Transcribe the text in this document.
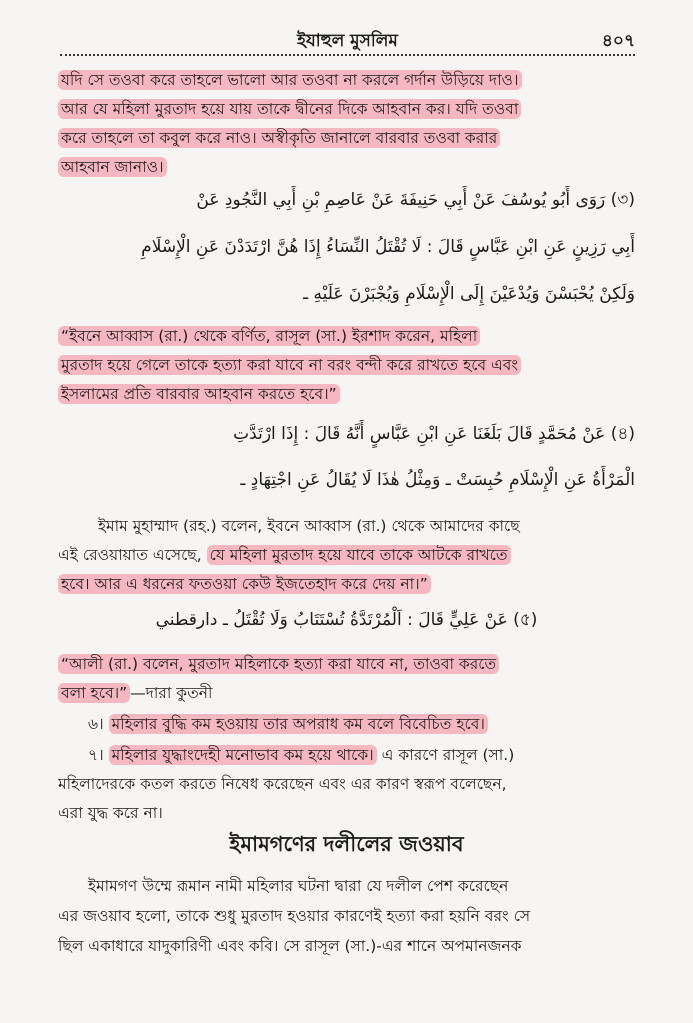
ইযাহুল মুসলিম	৪০৭
যদি সে তওবা করে তাহলে ভালো আর তওবা না করলে গর্দান উড়িয়ে দাও।
আর যে মহিলা মুরতাদ হয়ে যায় তাকে দ্বীনের দিকে আহবান কর। যদি তওবা
করে তাহলে তা কবুল করে নাও। অস্বীকৃতি জানালে বারবার তওবা করার
আহবান জানাও।
(৩) رَوَى أَبُو يُوسُفَ عَنْ أَبِي حَنِيفَةَ عَنْ عَاصِمِ بْنِ أَبِي النَّجُودِ عَنْ
أَبِي رَزِينٍ عَنِ ابْنِ عَبَّاسٍ قَالَ : لَا تُقْتَلُ النِّسَاءُ إِذَا هُنَّ ارْتَدَدْنَ عَنِ الْإِسْلَامِ
وَلَكِنْ يُحْبَسْنَ وَيُدْعَيْنَ إِلَى الْإِسْلَامِ وَيُجْبَرْنَ عَلَيْهِ ـ
“ইবনে আব্বাস (রা.) থেকে বর্ণিত, রাসূল (সা.) ইরশাদ করেন, মহিলা
মুরতাদ হয়ে গেলে তাকে হত্যা করা যাবে না বরং বন্দী করে রাখতে হবে এবং
ইসলামের প্রতি বারবার আহবান করতে হবে।”
(৪) عَنْ مُحَمَّدٍ قَالَ بَلَغَنَا عَنِ ابْنِ عَبَّاسٍ أَنَّهُ قَالَ : إِذَا ارْتَدَّتِ
الْمَرْأَةُ عَنِ الْإِسْلَامِ حُبِسَتْ ـ وَمِثْلُ هٰذَا لَا يُقَالُ عَنِ اجْتِهَادٍ ـ
ইমাম মুহাম্মাদ (রহ.) বলেন, ইবনে আব্বাস (রা.) থেকে আমাদের কাছে
এই রেওয়ায়াত এসেছে, যে মহিলা মুরতাদ হয়ে যাবে তাকে আটকে রাখতে
হবে। আর এ ধরনের ফতওয়া কেউ ইজতেহাদ করে দেয় না।”
(৫) عَنْ عَلِيٍّ قَالَ : اَلْمُرْتَدَّةُ تُسْتَتَابُ وَلَا تُقْتَلُ ـ دارقطني
“আলী (রা.) বলেন, মুরতাদ মহিলাকে হত্যা করা যাবে না, তাওবা করতে
বলা হবে।” —দারা কুতনী
৬। মহিলার বুদ্ধি কম হওয়ায় তার অপরাধ কম বলে বিবেচিত হবে।
৭। মহিলার যুদ্ধাংদেহী মনোভাব কম হয়ে থাকে। এ কারণে রাসূল (সা.)
মহিলাদেরকে কতল করতে নিষেধ করেছেন এবং এর কারণ স্বরূপ বলেছেন,
এরা যুদ্ধ করে না।
ইমামগণের দলীলের জওয়াব
ইমামগণ উম্মে রূমান নামী মহিলার ঘটনা দ্বারা যে দলীল পেশ করেছেন
এর জওয়াব হলো, তাকে শুধু মুরতাদ হওয়ার কারণেই হত্যা করা হয়নি বরং সে
ছিল একাধারে যাদুকারিণী এবং কবি। সে রাসূল (সা.)-এর শানে অপমানজনক
